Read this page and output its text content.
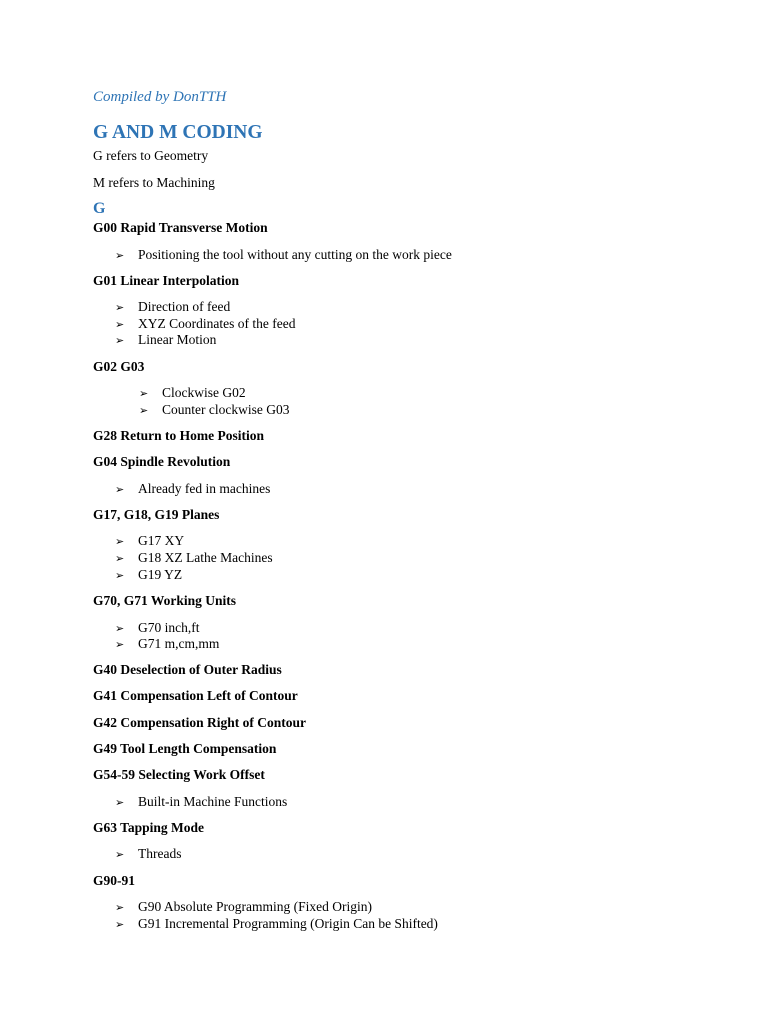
Compiled by DonTTH
G AND M CODING
G refers to Geometry
M refers to Machining
G
G00 Rapid Transverse Motion
➢ Positioning the tool without any cutting on the work piece
G01 Linear Interpolation
➢ Direction of feed
➢ XYZ Coordinates of the feed
➢ Linear Motion
G02 G03
➢ Clockwise G02
➢ Counter clockwise G03
G28 Return to Home Position
G04 Spindle Revolution
➢ Already fed in machines
G17, G18, G19 Planes
➢ G17 XY
➢ G18 XZ Lathe Machines
➢ G19 YZ
G70, G71 Working Units
➢ G70 inch,ft
➢ G71 m,cm,mm
G40 Deselection of Outer Radius
G41 Compensation Left of Contour
G42 Compensation Right of Contour
G49 Tool Length Compensation
G54-59 Selecting Work Offset
➢ Built-in Machine Functions
G63 Tapping Mode
➢ Threads
G90-91
➢ G90 Absolute Programming (Fixed Origin)
➢ G91 Incremental Programming (Origin Can be Shifted)
